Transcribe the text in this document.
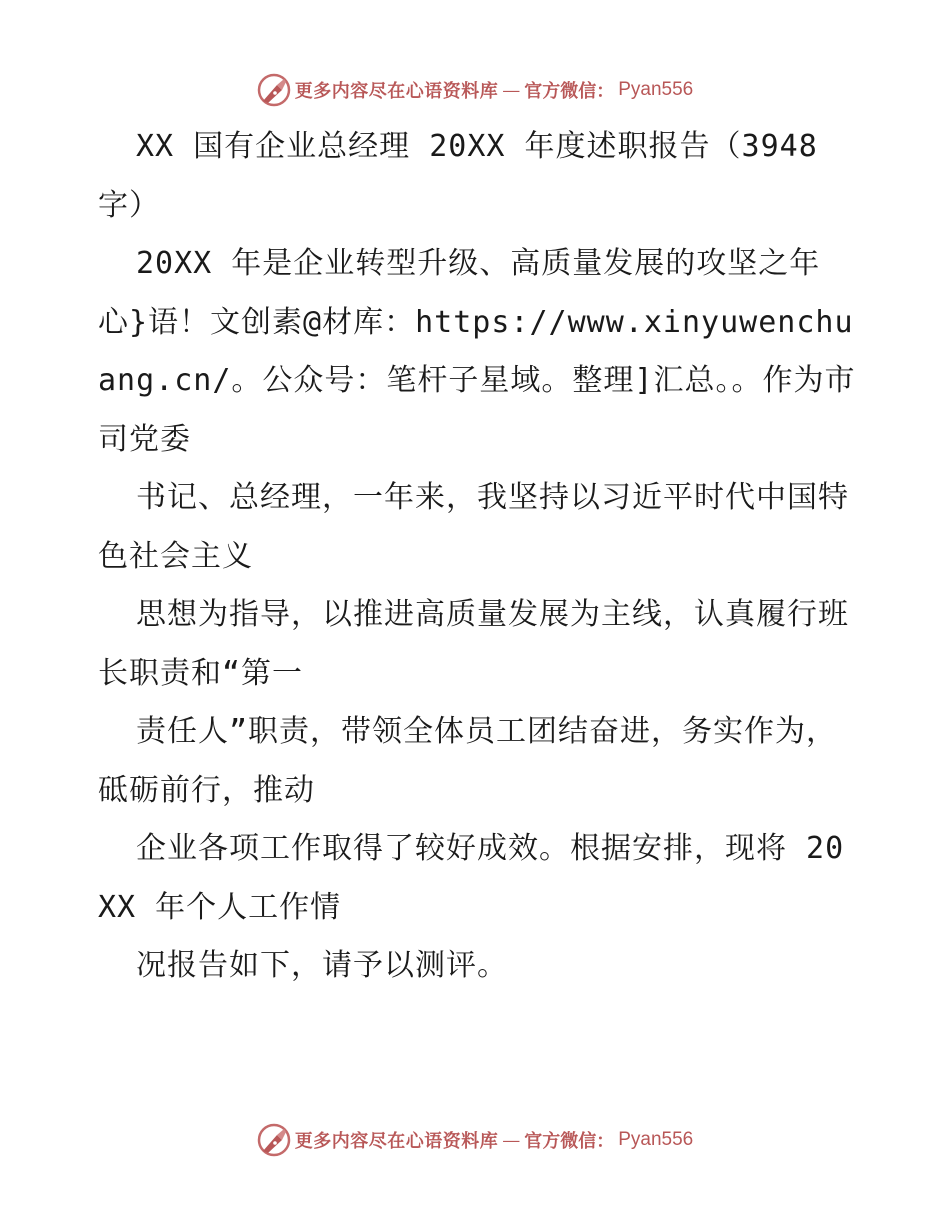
更多内容尽在心语资料库 — 官方微信： Pyan556

XX 国有企业总经理 20XX 年度述职报告（3948 字）

20XX 年是企业转型升级、高质量发展的攻坚之年心}语！文创素@材库：https://www.xinyuwenchuang.cn/。公众号：笔杆子星域。整理]汇总。。作为市司党委

书记、总经理，一年来，我坚持以习近平时代中国特色社会主义

思想为指导，以推进高质量发展为主线，认真履行班长职责和“第一

责任人”职责，带领全体员工团结奋进，务实作为，砥砺前行，推动

企业各项工作取得了较好成效。根据安排，现将 20XX 年个人工作情

况报告如下，请予以测评。

更多内容尽在心语资料库 — 官方微信： Pyan556
